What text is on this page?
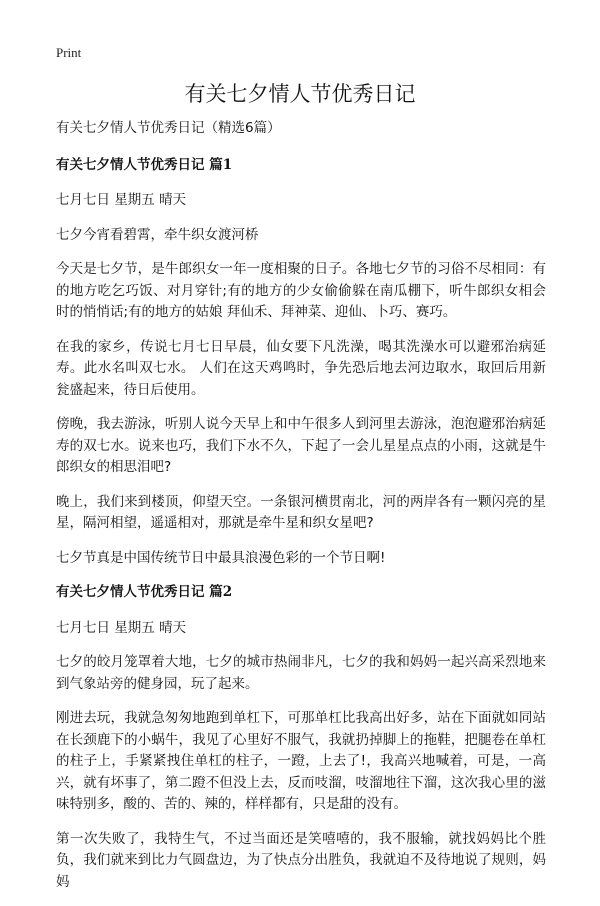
Print
有关七夕情人节优秀日记

有关七夕情人节优秀日记（精选6篇）

有关七夕情人节优秀日记 篇1

七月七日 星期五 晴天

七夕今宵看碧霄，牵牛织女渡河桥

今天是七夕节，是牛郎织女一年一度相聚的日子。各地七夕节的习俗不尽相同：有的地方吃乞巧饭、对月穿针;有的地方的少女偷偷躲在南瓜棚下，听牛郎织女相会时的悄悄话;有的地方的姑娘 拜仙禾、拜神菜、迎仙、卜巧、赛巧。

在我的家乡，传说七月七日早晨，仙女要下凡洗澡，喝其洗澡水可以避邪治病延寿。此水名叫双七水。 人们在这天鸡鸣时，争先恐后地去河边取水，取回后用新瓮盛起来，待日后使用。

傍晚，我去游泳，听别人说今天早上和中午很多人到河里去游泳，泡泡避邪治病延寿的双七水。说来也巧，我们下水不久，下起了一会儿星星点点的小雨，这就是牛郎织女的相思泪吧?

晚上，我们来到楼顶，仰望天空。一条银河横贯南北，河的两岸各有一颗闪亮的星星，隔河相望，遥遥相对，那就是牵牛星和织女星吧?

七夕节真是中国传统节日中最具浪漫色彩的一个节日啊!

有关七夕情人节优秀日记 篇2

七月七日 星期五 晴天

七夕的皎月笼罩着大地，七夕的城市热闹非凡，七夕的我和妈妈一起兴高采烈地来到气象站旁的健身园，玩了起来。

刚进去玩，我就急匆匆地跑到单杠下，可那单杠比我高出好多，站在下面就如同站在长颈鹿下的小蜗牛，我见了心里好不服气，我就扔掉脚上的拖鞋，把腿卷在单杠的柱子上，手紧紧拽住单杠的柱子，一蹬，上去了!，我高兴地喊着，可是，一高兴，就有坏事了，第二蹬不但没上去，反而吱溜，吱溜地往下溜，这次我心里的滋味特别多，酸的、苦的、辣的，样样都有，只是甜的没有。

第一次失败了，我特生气，不过当面还是笑嘻嘻的，我不服输，就找妈妈比个胜负，我们就来到比力气圆盘边，为了快点分出胜负，我就迫不及待地说了规则，妈妈
